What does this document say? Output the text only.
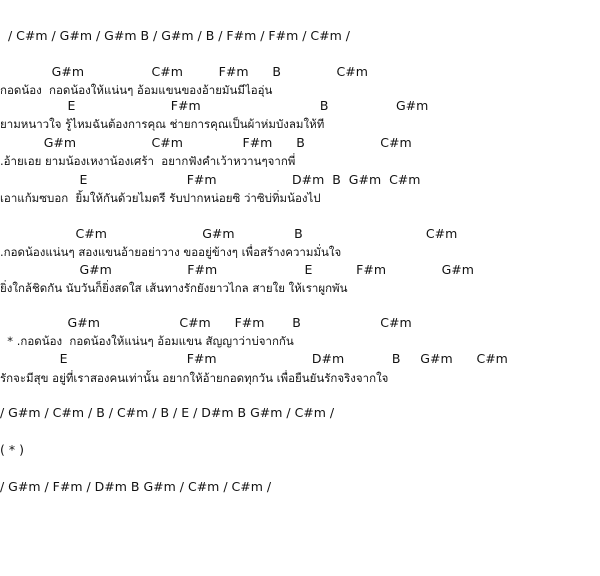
/ C#m / G#m / G#m B / G#m / B / F#m / F#m / C#m /
G#m                 C#m         F#m      B              C#m
กอดน้อง  กอดน้องให้แน่นๆ อ้อมแขนของอ้ายมันมีไออุ่น
E                        F#m                              B                 G#m
ยามหนาวใจ รู้ไหมฉันต้องการคุณ ช่ายการคุณเป็นผ้าห่มบังลมให้ที
G#m                   C#m               F#m      B                   C#m
.อ้ายเอย ยามน้องเหงาน้องเศร้า  อยากฟังคำเว้าหวานๆจากพี่
E                         F#m                   D#m  B  G#m  C#m
เอาแก้มซบอก  ยิ้มให้กันด้วยไมตรี รับปากหน่อยซิ ว่าซิบ่ทิ่มน้องไป
C#m                        G#m               B                               C#m
.กอดน้องแน่นๆ สองแขนอ้ายอย่าวาง ขออยู่ข้างๆ เพื่อสร้างความมั่นใจ
G#m                   F#m                      E           F#m              G#m
ยิ่งใกล้ชิดกัน นับวันก็ยิ่งสดใส เส้นทางรักยังยาวไกล สายใย ให้เราผูกพัน
G#m                    C#m      F#m       B                    C#m
* .กอดน้อง  กอดน้องให้แน่นๆ อ้อมแขน สัญญาว่าบ่จากกัน
E                              F#m                        D#m            B     G#m      C#m
รักจะมีสุข อยู่ที่เราสองคนเท่านั้น อยากให้อ้ายกอดทุกวัน เพื่อยืนยันรักจริงจากใจ
/ G#m / C#m / B / C#m / B / E / D#m B G#m / C#m /
( * )
/ G#m / F#m / D#m B G#m / C#m / C#m /
